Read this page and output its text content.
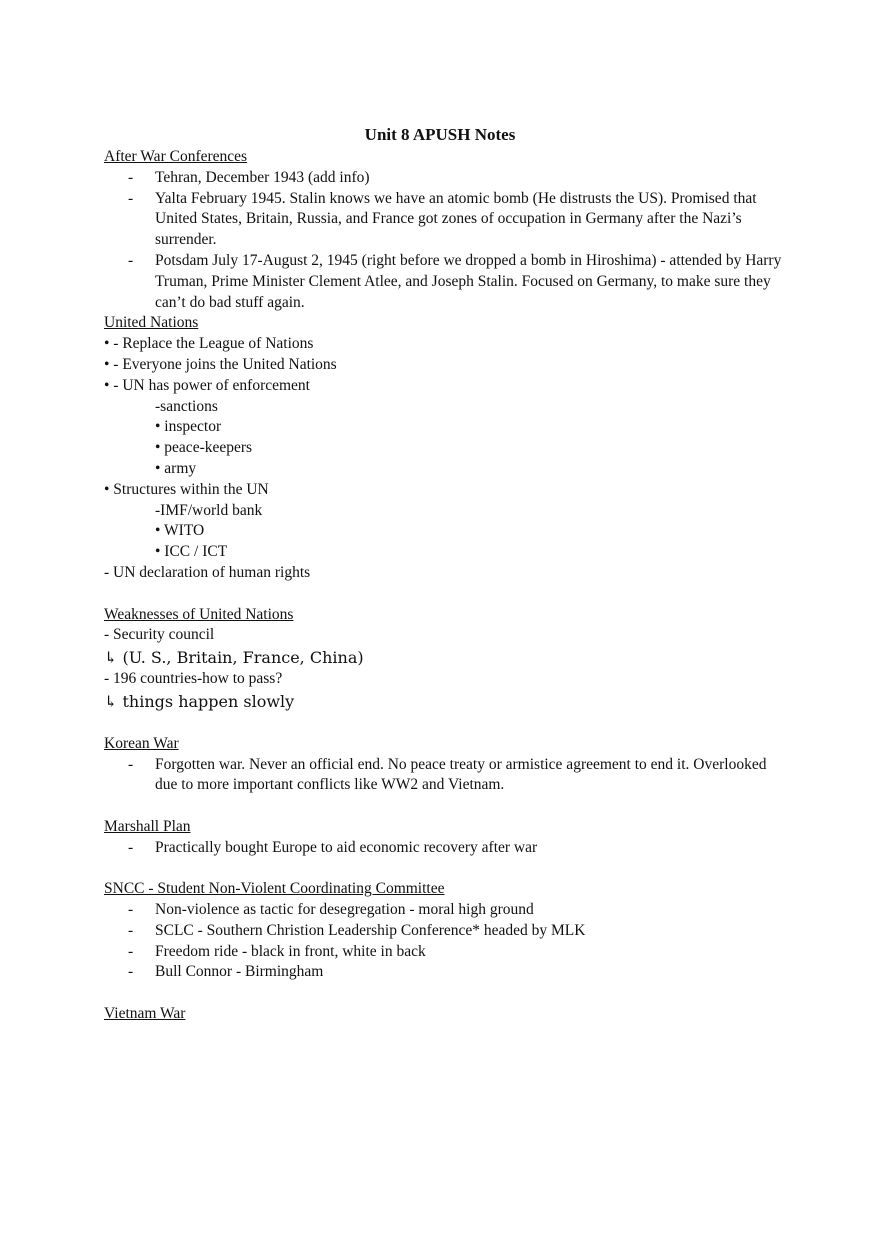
Unit 8 APUSH Notes
After War Conferences
- Tehran, December 1943 (add info)
- Yalta February 1945. Stalin knows we have an atomic bomb (He distrusts the US). Promised that United States, Britain, Russia, and France got zones of occupation in Germany after the Nazi’s surrender.
- Potsdam July 17-August 2, 1945 (right before we dropped a bomb in Hiroshima) - attended by Harry Truman, Prime Minister Clement Atlee, and Joseph Stalin. Focused on Germany, to make sure they can’t do bad stuff again.
United Nations
• - Replace the League of Nations
• - Everyone joins the United Nations
• - UN has power of enforcement
-sanctions
• inspector
• peace-keepers
• army
• Structures within the UN
-IMF/world bank
• WITO
• ICC / ICT
- UN declaration of human rights
Weaknesses of United Nations
- Security council
↳ (U. S., Britain, France, China)
- 196 countries-how to pass?
↳ things happen slowly
Korean War
- Forgotten war. Never an official end. No peace treaty or armistice agreement to end it. Overlooked due to more important conflicts like WW2 and Vietnam.
Marshall Plan
- Practically bought Europe to aid economic recovery after war
SNCC - Student Non-Violent Coordinating Committee
- Non-violence as tactic for desegregation - moral high ground
- SCLC - Southern Christion Leadership Conference* headed by MLK
- Freedom ride - black in front, white in back
- Bull Connor - Birmingham
Vietnam War
